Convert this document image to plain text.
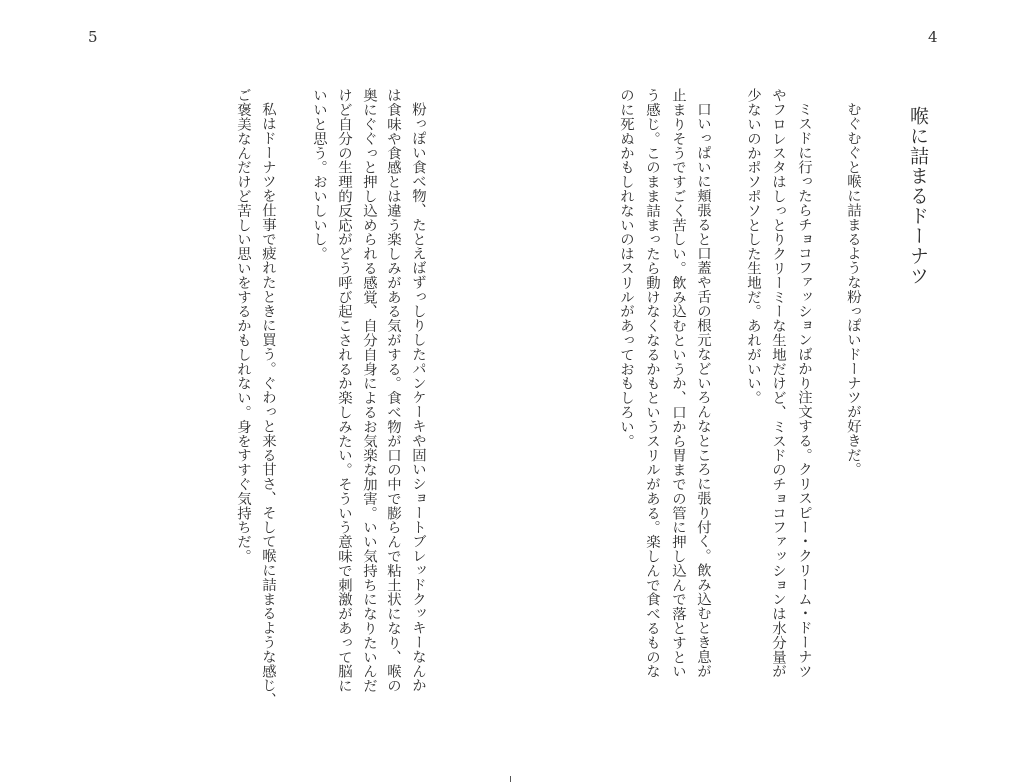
5	4
喉に詰まるドーナツ
むぐむぐと喉に詰まるような粉っぽいドーナツが好きだ。
ミスドに行ったらチョコファッションばかり注文する。クリスピー・クリーム・ドーナツ
やフロレスタはしっとりクリーミーな生地だけど、ミスドのチョコファッションは水分量が
少ないのかポソポソとした生地だ。あれがいい。
口いっぱいに頬張ると口蓋や舌の根元などいろんなところに張り付く。飲み込むとき息が
止まりそうですごく苦しい。飲み込むというか、口から胃までの管に押し込んで落とすとい
う感じ。このまま詰まったら動けなくなるかもというスリルがある。楽しんで食べるものな
のに死ぬかもしれないのはスリルがあっておもしろい。
粉っぽい食べ物、たとえばずっしりしたパンケーキや固いショートブレッドクッキーなんか
は食味や食感とは違う楽しみがある気がする。食べ物が口の中で膨らんで粘土状になり、喉の
奥にぐぐっと押し込められる感覚、自分自身によるお気楽な加害。いい気持ちになりたいんだ
けど自分の生理的反応がどう呼び起こされるか楽しみたい。そういう意味で刺激があって脳に
いいと思う。おいしいし。
私はドーナツを仕事で疲れたときに買う。ぐわっと来る甘さ、そして喉に詰まるような感じ、
ご褒美なんだけど苦しい思いをするかもしれない。身をすすぐ気持ちだ。
